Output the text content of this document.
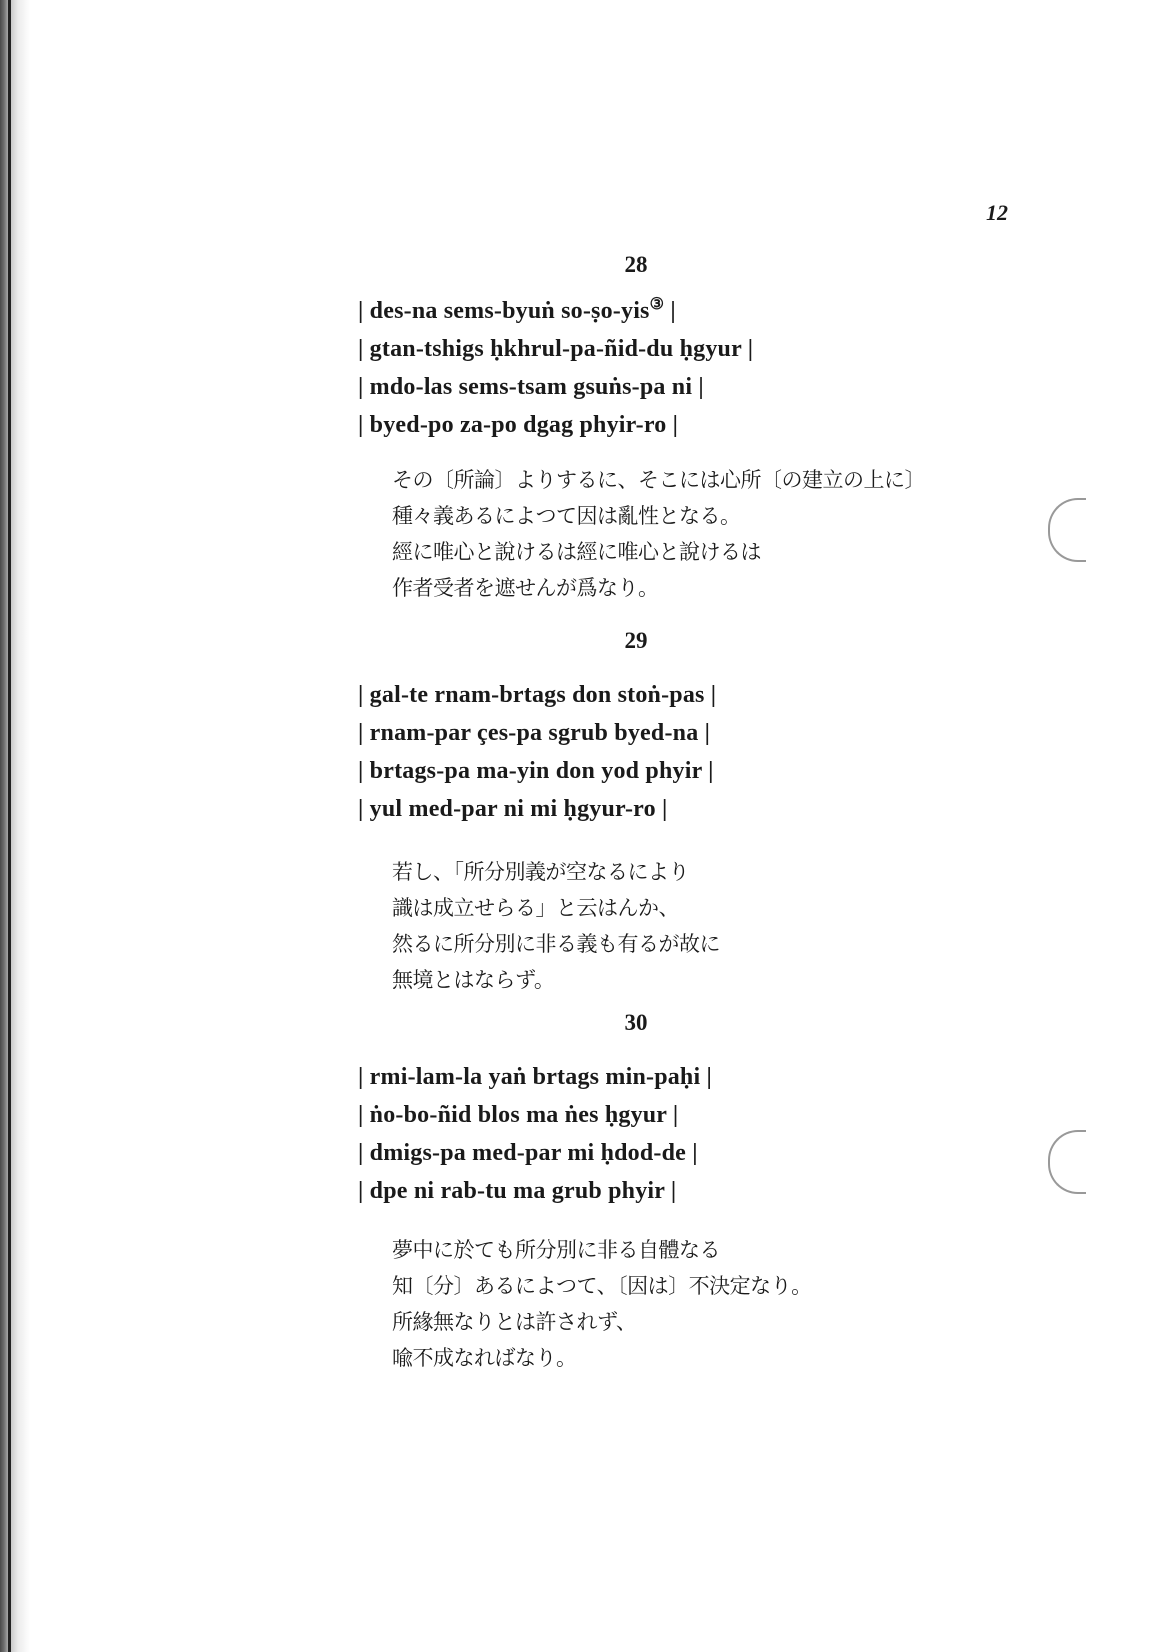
12
28
| des-na sems-byuṅ so-ṣo-yis③ |
| gtan-tshigs ḥkhrul-pa-ñid-du ḥgyur |
| mdo-las sems-tsam gsuṅs-pa ni |
| byed-po za-po dgag phyir-ro |
その〔所論〕よりするに、そこには心所〔の建立の上に〕
種々義あるによつて因は亂性となる。
經に唯心と說けるは經に唯心と說けるは
作者受者を遮せんが爲なり。
29
| gal-te rnam-brtags don stoṅ-pas |
| rnam-par çes-pa sgrub byed-na |
| brtags-pa ma-yin don yod phyir |
| yul med-par ni mi ḥgyur-ro |
若し、「所分別義が空なるにより
識は成立せらる」と云はんか、
然るに所分別に非る義も有るが故に
無境とはならず。
30
| rmi-lam-la yaṅ brtags min-paḥi |
| ṅo-bo-ñid blos ma ṅes ḥgyur |
| dmigs-pa med-par mi ḥdod-de |
| dpe ni rab-tu ma grub phyir |
夢中に於ても所分別に非る自體なる
知〔分〕あるによつて、〔因は〕不決定なり。
所緣無なりとは許されず、
喩不成なればなり。
